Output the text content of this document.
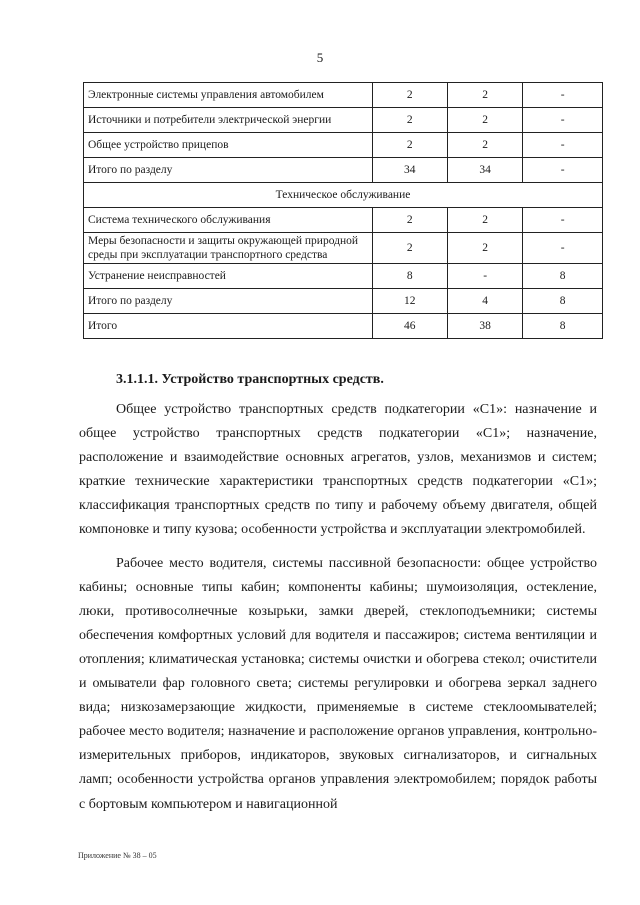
5
Электронные системы управления автомобилем	2	2	-
Источники и потребители электрической энергии	2	2	-
Общее устройство прицепов	2	2	-
Итого по разделу	34	34	-
Техническое обслуживание			
Система технического обслуживания	2	2	-
Меры безопасности и защиты окружающей природной среды при эксплуатации транспортного средства	2	2	-
Устранение неисправностей	8	-	8
Итого по разделу	12	4	8
Итого	46	38	8
3.1.1.1. Устройство транспортных средств.

Общее устройство транспортных средств подкатегории «С1»: назначение и общее устройство транспортных средств подкатегории «С1»; назначение, расположение и взаимодействие основных агрегатов, узлов, механизмов и систем; краткие технические характеристики транспортных средств подкатегории «С1»; классификация транспортных средств по типу и рабочему объему двигателя, общей компоновке и типу кузова; особенности устройства и эксплуатации электромобилей.

Рабочее место водителя, системы пассивной безопасности: общее устройство кабины; основные типы кабин; компоненты кабины; шумоизоляция, остекление, люки, противосолнечные козырьки, замки дверей, стеклоподъемники; системы обеспечения комфортных условий для водителя и пассажиров; система вентиляции и отопления; климатическая установка; системы очистки и обогрева стекол; очистители и омыватели фар головного света; системы регулировки и обогрева зеркал заднего вида; низкозамерзающие жидкости, применяемые в системе стеклоомывателей; рабочее место водителя; назначение и расположение органов управления, контрольно-измерительных приборов, индикаторов, звуковых сигнализаторов, и сигнальных ламп; особенности устройства органов управления электромобилем; порядок работы с бортовым компьютером и навигационной

Приложение № 38 – 05
